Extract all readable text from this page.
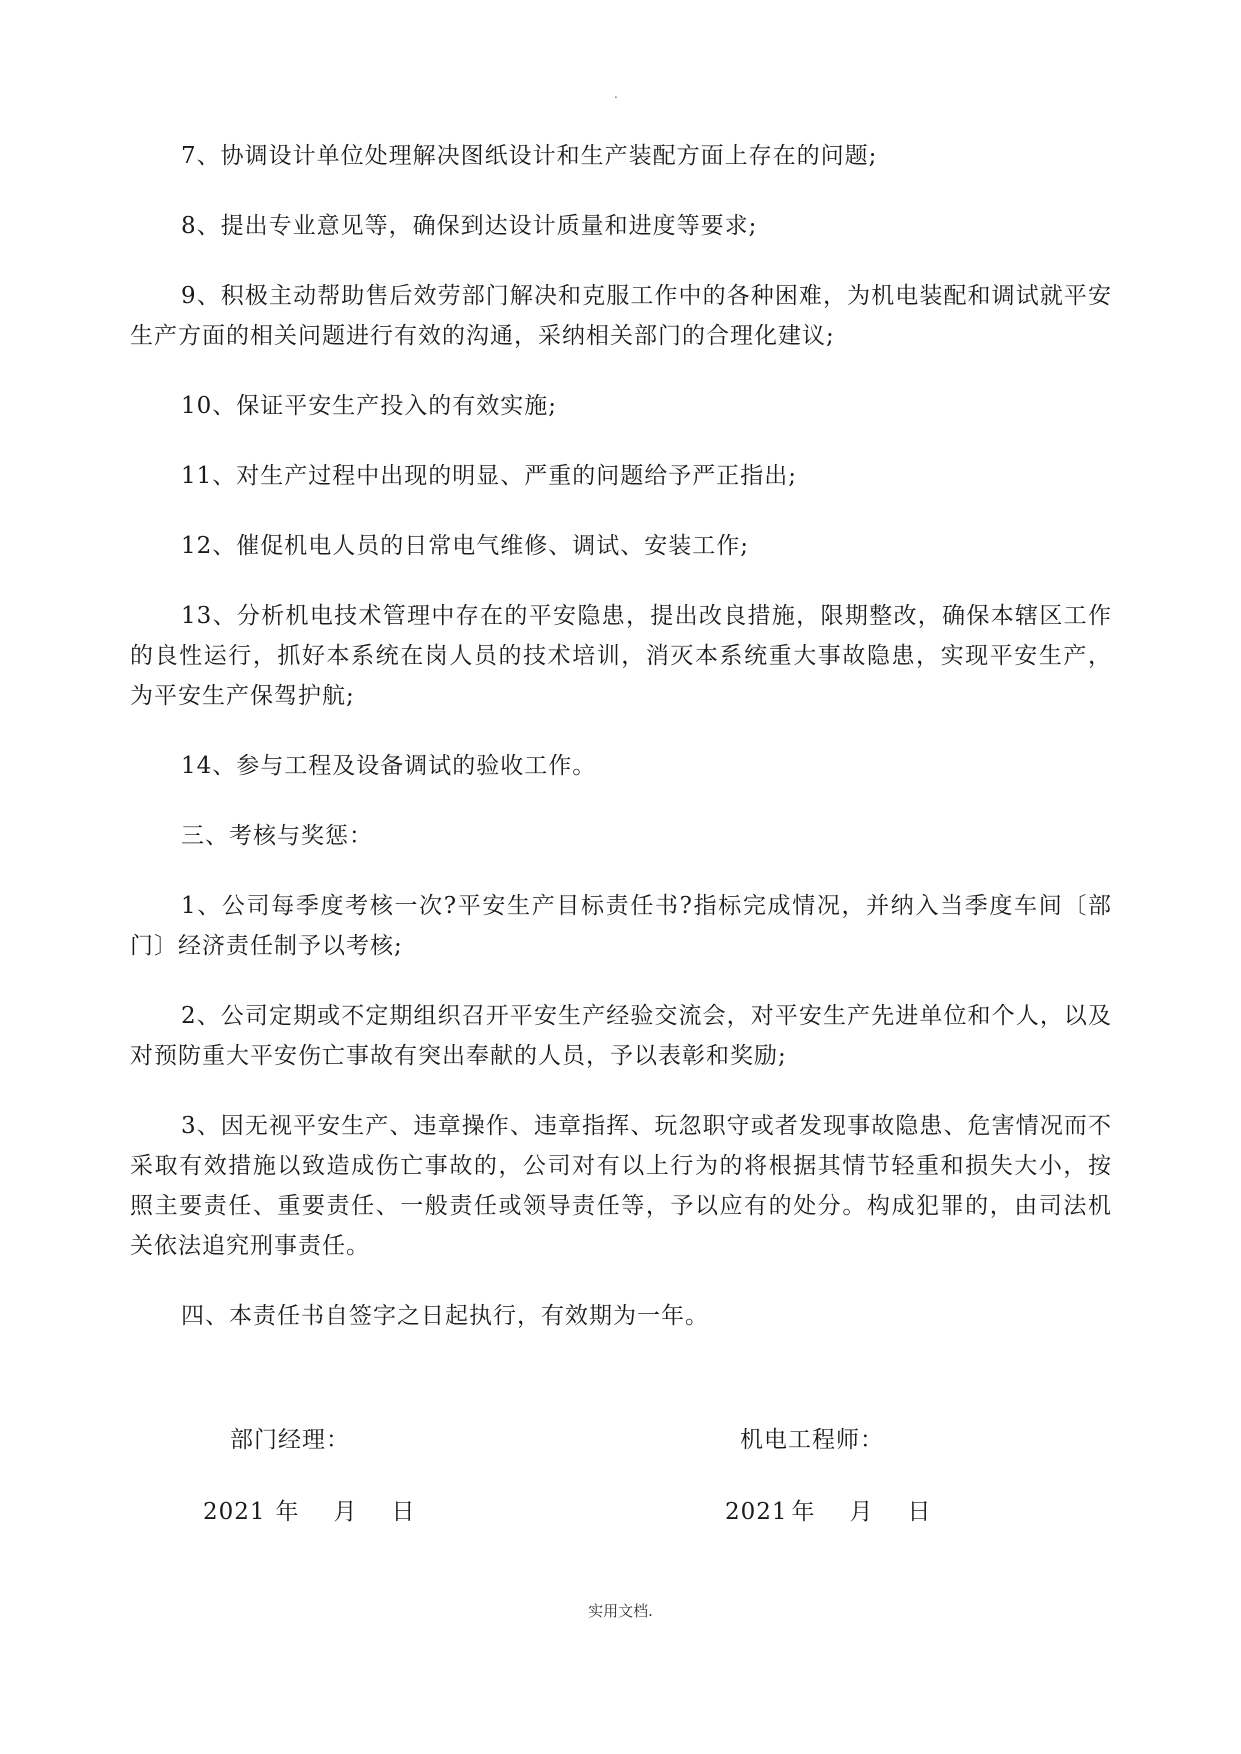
.

7、协调设计单位处理解决图纸设计和生产装配方面上存在的问题;

8、提出专业意见等，确保到达设计质量和进度等要求;

9、积极主动帮助售后效劳部门解决和克服工作中的各种困难，为机电装配和调试就平安生产方面的相关问题进行有效的沟通，采纳相关部门的合理化建议;

10、保证平安生产投入的有效实施;

11、对生产过程中出现的明显、严重的问题给予严正指出;

12、催促机电人员的日常电气维修、调试、安装工作;

13、分析机电技术管理中存在的平安隐患，提出改良措施，限期整改，确保本辖区工作的良性运行，抓好本系统在岗人员的技术培训，消灭本系统重大事故隐患，实现平安生产，为平安生产保驾护航;

14、参与工程及设备调试的验收工作。

三、考核与奖惩：

1、公司每季度考核一次?平安生产目标责任书?指标完成情况，并纳入当季度车间〔部门〕经济责任制予以考核;

2、公司定期或不定期组织召开平安生产经验交流会，对平安生产先进单位和个人，以及对预防重大平安伤亡事故有突出奉献的人员，予以表彰和奖励;

3、因无视平安生产、违章操作、违章指挥、玩忽职守或者发现事故隐患、危害情况而不采取有效措施以致造成伤亡事故的，公司对有以上行为的将根据其情节轻重和损失大小，按照主要责任、重要责任、一般责任或领导责任等，予以应有的处分。构成犯罪的，由司法机关依法追究刑事责任。

四、本责任书自签字之日起执行，有效期为一年。

部门经理：	机电工程师：
2021 年 月 日	2021 年 月 日
实用文档.
